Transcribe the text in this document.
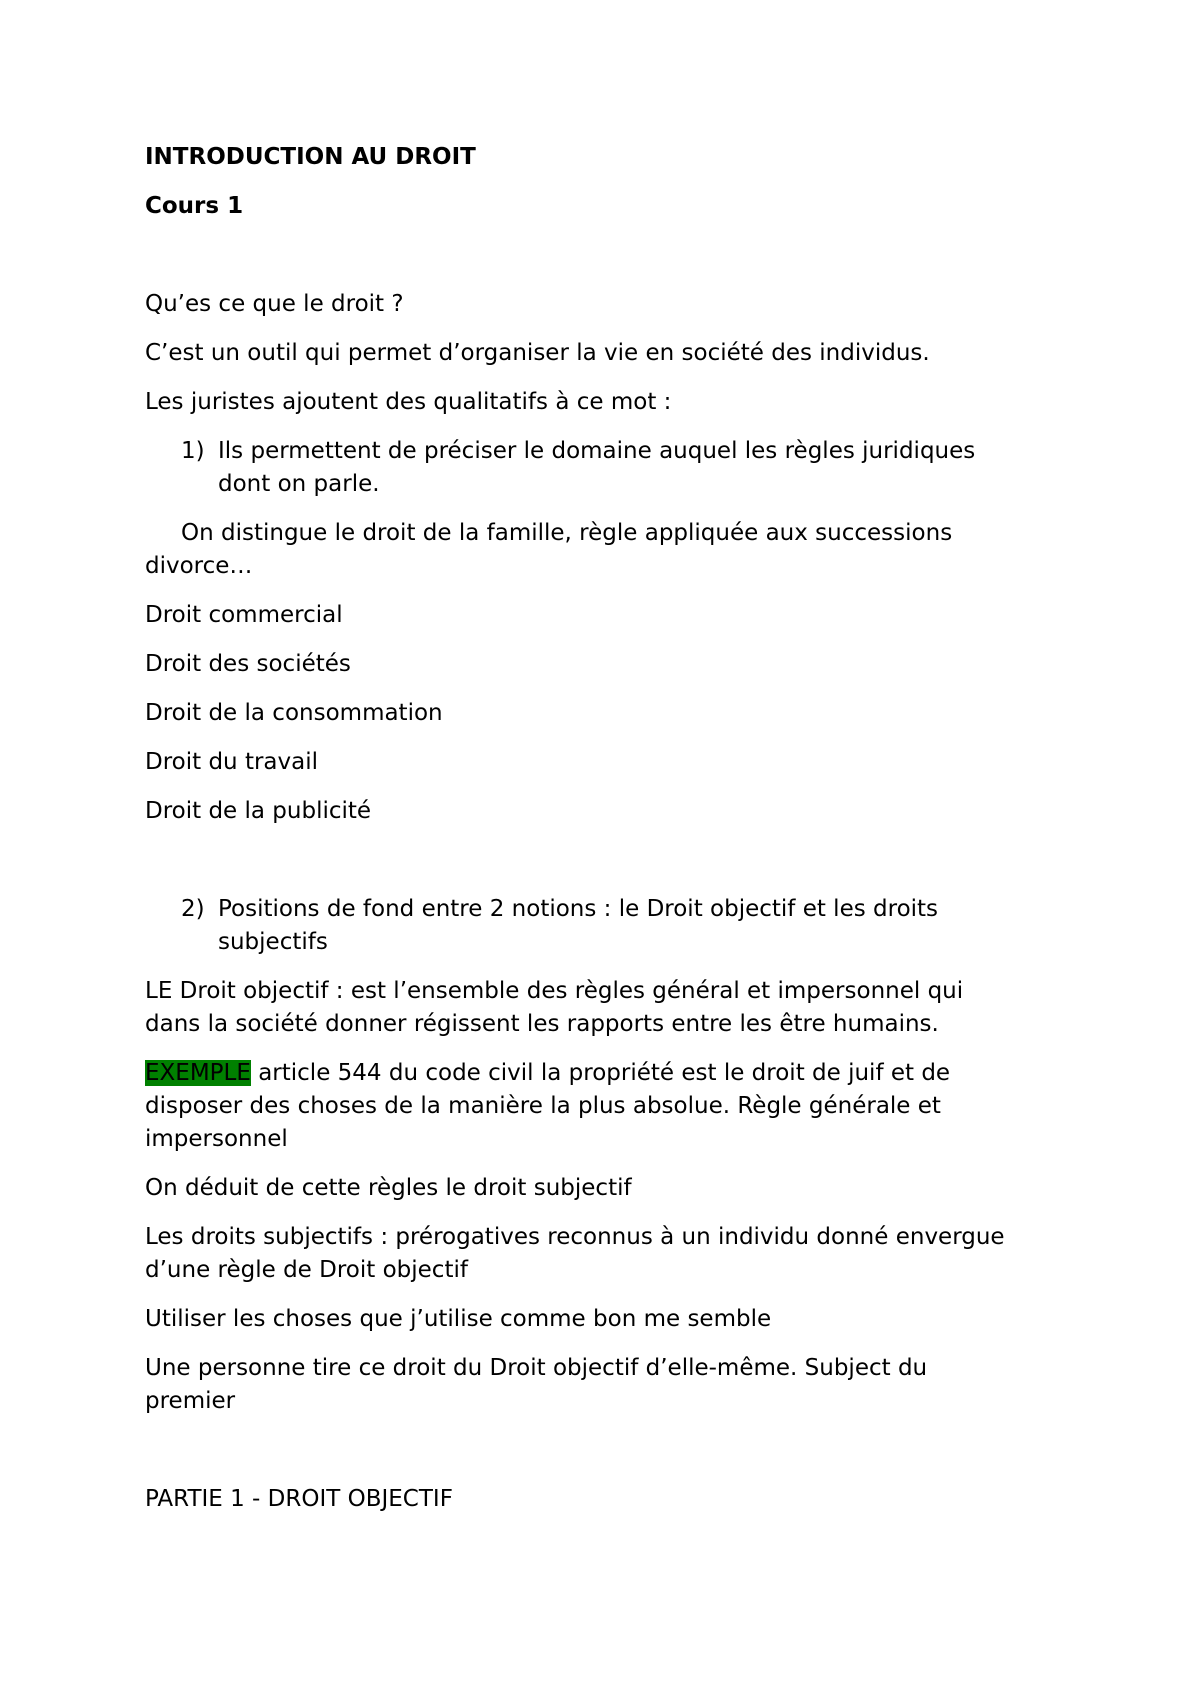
INTRODUCTION AU DROIT

Cours 1

Qu’es ce que le droit ?

C’est un outil qui permet d’organiser la vie en société des individus.

Les juristes ajoutent des qualitatifs à ce mot :

1) Ils permettent de préciser le domaine auquel les règles juridiques

dont on parle.

On distingue le droit de la famille, règle appliquée aux successions

divorce…

Droit commercial

Droit des sociétés

Droit de la consommation

Droit du travail

Droit de la publicité

2) Positions de fond entre 2 notions : le Droit objectif et les droits

subjectifs

LE Droit objectif : est l’ensemble des règles général et impersonnel qui

dans la société donner régissent les rapports entre les être humains.

EXEMPLE article 544 du code civil la propriété est le droit de juif et de

disposer des choses de la manière la plus absolue. Règle générale et

impersonnel

On déduit de cette règles le droit subjectif

Les droits subjectifs : prérogatives reconnus à un individu donné envergue

d’une règle de Droit objectif

Utiliser les choses que j’utilise comme bon me semble

Une personne tire ce droit du Droit objectif d’elle-même. Subject du

premier

PARTIE 1 - DROIT OBJECTIF
